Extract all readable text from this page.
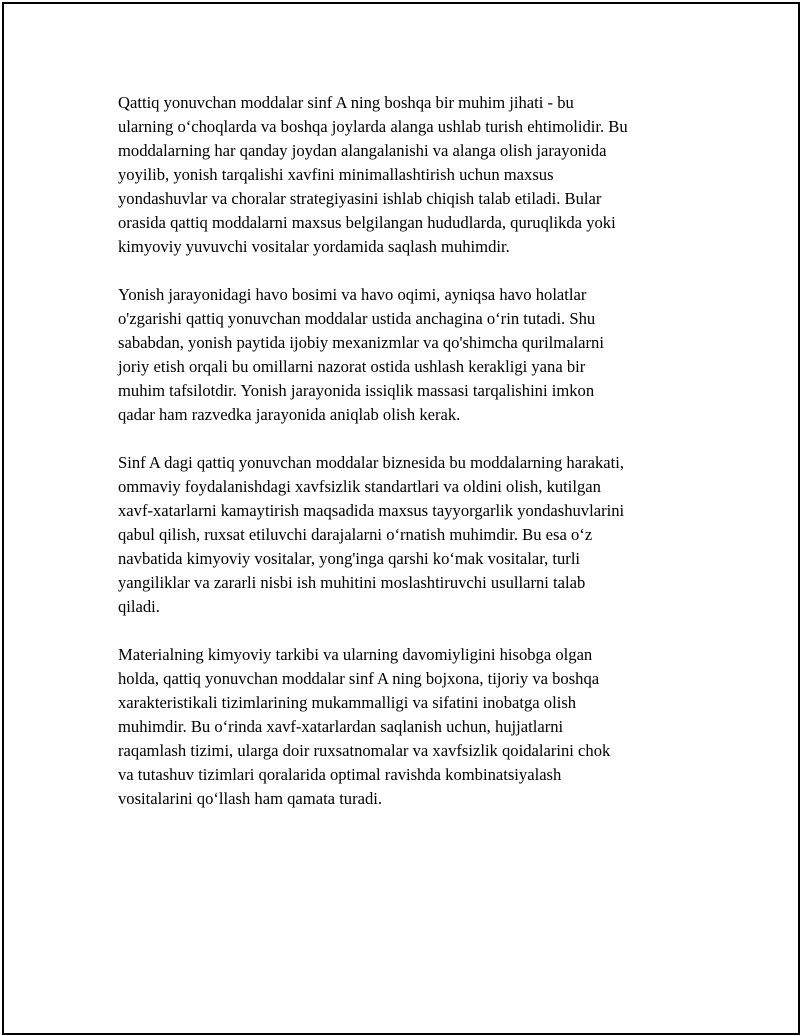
Qattiq yonuvchan moddalar sinf A ning boshqa bir muhim jihati - bu
ularning o‘choqlarda va boshqa joylarda alanga ushlab turish ehtimolidir. Bu
moddalarning har qanday joydan alangalanishi va alanga olish jarayonida
yoyilib, yonish tarqalishi xavfini minimallashtirish uchun maxsus
yondashuvlar va choralar strategiyasini ishlab chiqish talab etiladi. Bular
orasida qattiq moddalarni maxsus belgilangan hududlarda, quruqlikda yoki
kimyoviy yuvuvchi vositalar yordamida saqlash muhimdir.

Yonish jarayonidagi havo bosimi va havo oqimi, ayniqsa havo holatlar
o'zgarishi qattiq yonuvchan moddalar ustida anchagina o‘rin tutadi. Shu
sababdan, yonish paytida ijobiy mexanizmlar va qo'shimcha qurilmalarni
joriy etish orqali bu omillarni nazorat ostida ushlash kerakligi yana bir
muhim tafsilotdir. Yonish jarayonida issiqlik massasi tarqalishini imkon
qadar ham razvedka jarayonida aniqlab olish kerak.

Sinf A dagi qattiq yonuvchan moddalar biznesida bu moddalarning harakati,
ommaviy foydalanishdagi xavfsizlik standartlari va oldini olish, kutilgan
xavf-xatarlarni kamaytirish maqsadida maxsus tayyorgarlik yondashuvlarini
qabul qilish, ruxsat etiluvchi darajalarni o‘rnatish muhimdir. Bu esa o‘z
navbatida kimyoviy vositalar, yong'inga qarshi ko‘mak vositalar, turli
yangiliklar va zararli nisbi ish muhitini moslashtiruvchi usullarni talab
qiladi.

Materialning kimyoviy tarkibi va ularning davomiyligini hisobga olgan
holda, qattiq yonuvchan moddalar sinf A ning bojxona, tijoriy va boshqa
xarakteristikali tizimlarining mukammalligi va sifatini inobatga olish
muhimdir. Bu o‘rinda xavf-xatarlardan saqlanish uchun, hujjatlarni
raqamlash tizimi, ularga doir ruxsatnomalar va xavfsizlik qoidalarini chok
va tutashuv tizimlari qoralarida optimal ravishda kombinatsiyalash
vositalarini qo‘llash ham qamata turadi.
